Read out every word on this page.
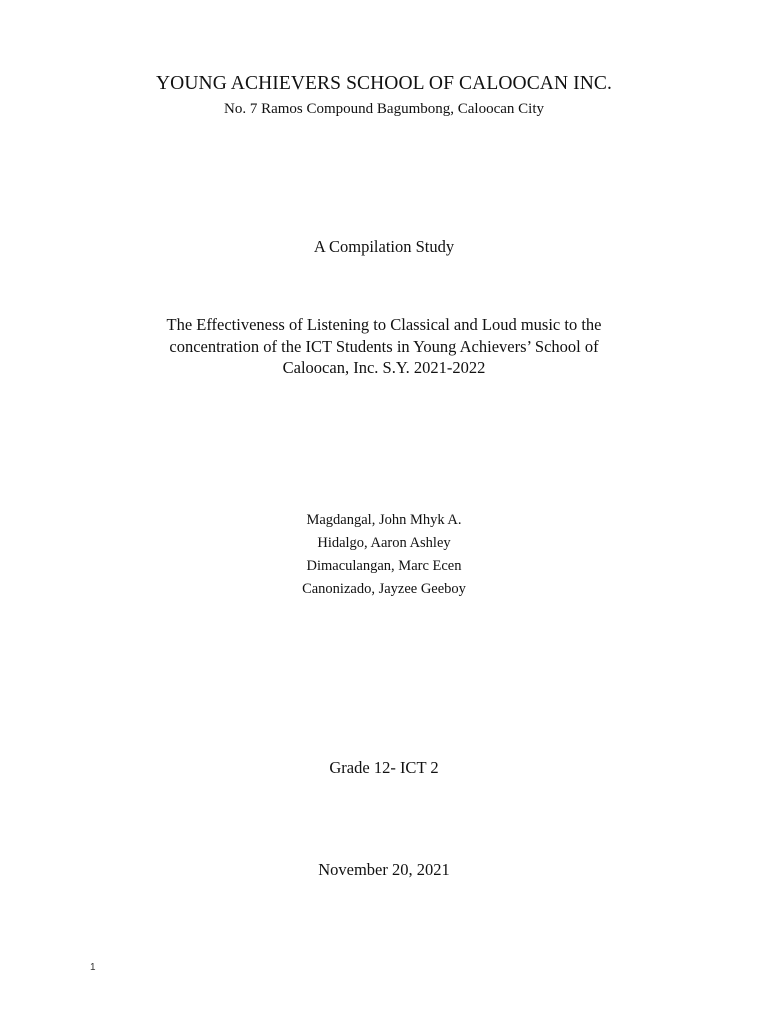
YOUNG ACHIEVERS SCHOOL OF CALOOCAN INC.
No. 7 Ramos Compound Bagumbong, Caloocan City
A Compilation Study
The Effectiveness of Listening to Classical and Loud music to the
concentration of the ICT Students in Young Achievers’ School of
Caloocan, Inc. S.Y. 2021-2022
Magdangal, John Mhyk A.
Hidalgo, Aaron Ashley
Dimaculangan, Marc Ecen
Canonizado, Jayzee Geeboy
Grade 12- ICT 2
November 20, 2021
1
